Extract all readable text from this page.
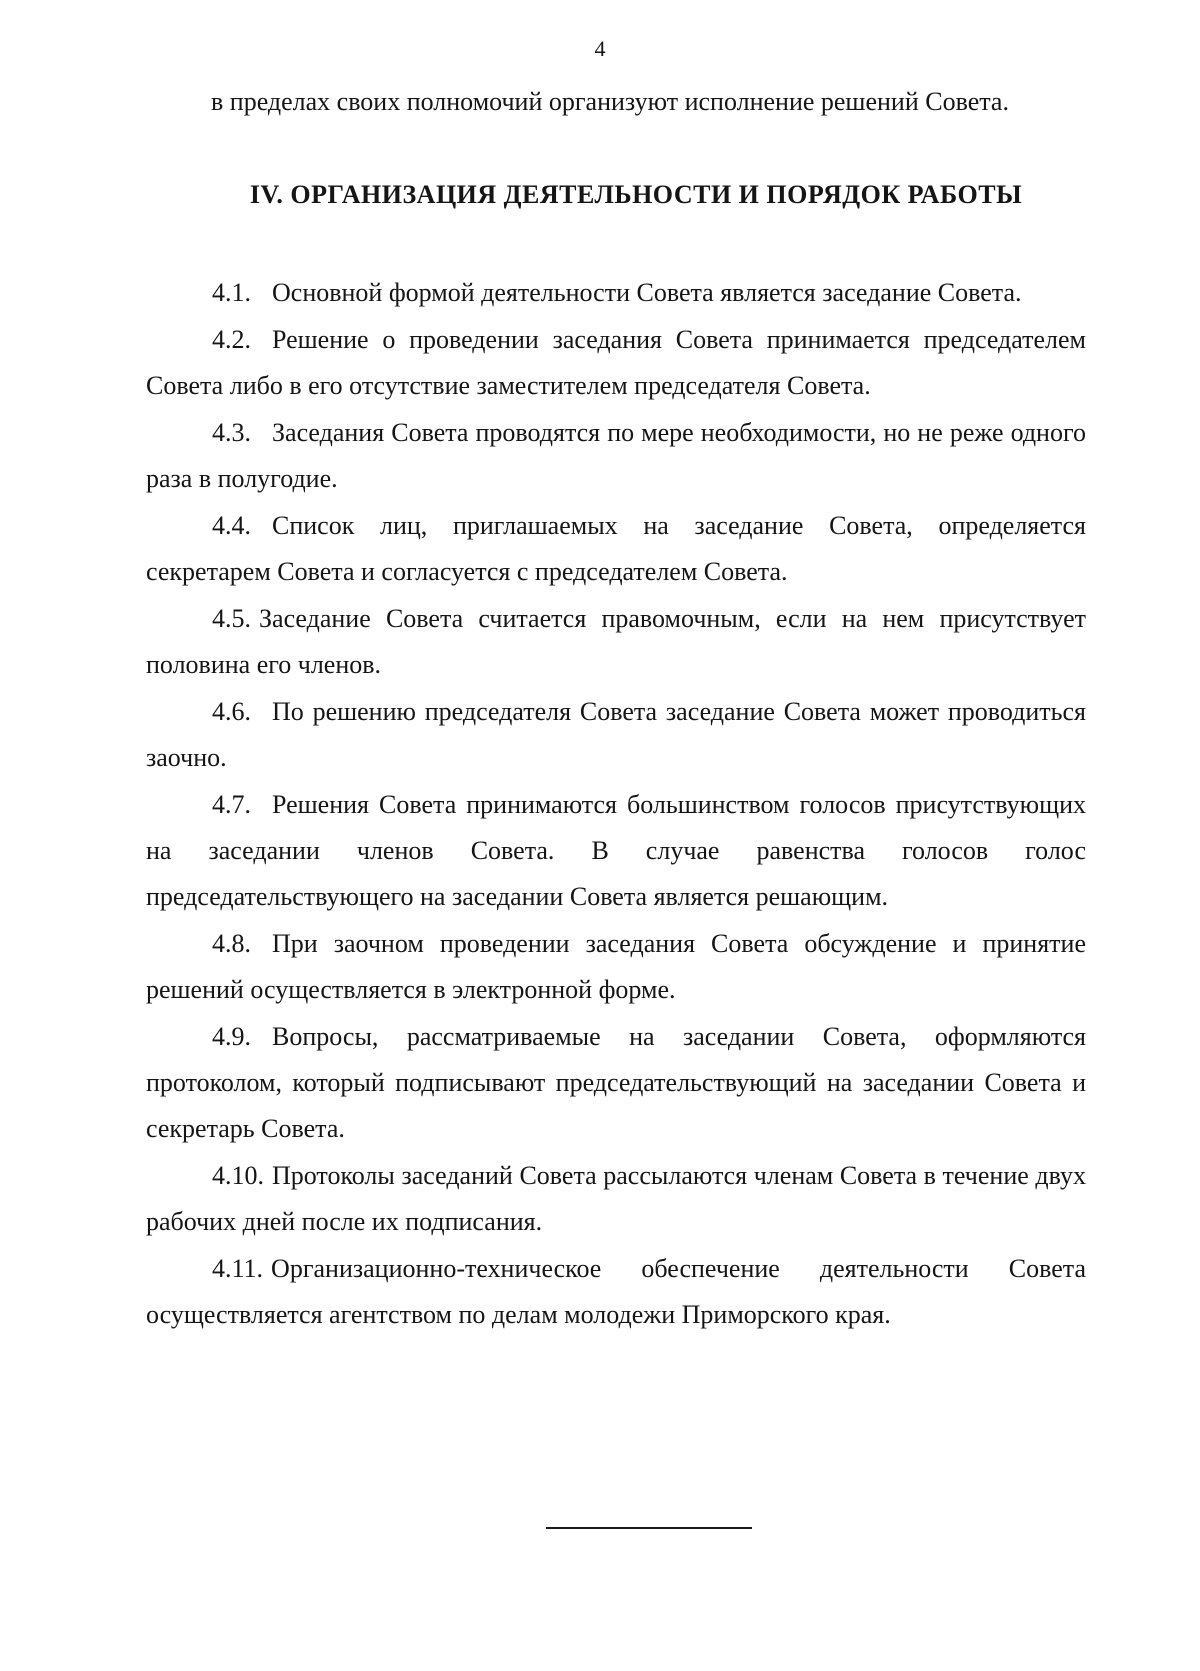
4
в пределах своих полномочий организуют исполнение решений Совета.
IV. ОРГАНИЗАЦИЯ ДЕЯТЕЛЬНОСТИ И ПОРЯДОК РАБОТЫ

4.1. Основной формой деятельности Совета является заседание Совета.

4.2. Решение о проведении заседания Совета принимается председателем Совета либо в его отсутствие заместителем председателя Совета.

4.3. Заседания Совета проводятся по мере необходимости, но не реже одного раза в полугодие.

4.4. Список лиц, приглашаемых на заседание Совета, определяется секретарем Совета и согласуется с председателем Совета.

4.5. Заседание Совета считается правомочным, если на нем присутствует половина его членов.

4.6. По решению председателя Совета заседание Совета может проводиться заочно.

4.7. Решения Совета принимаются большинством голосов присутствующих на заседании членов Совета. В случае равенства голосов голос председательствующего на заседании Совета является решающим.

4.8. При заочном проведении заседания Совета обсуждение и принятие решений осуществляется в электронной форме.

4.9. Вопросы, рассматриваемые на заседании Совета, оформляются протоколом, который подписывают председательствующий на заседании Совета и секретарь Совета.

4.10. Протоколы заседаний Совета рассылаются членам Совета в течение двух рабочих дней после их подписания.

4.11. Организационно-техническое обеспечение деятельности Совета осуществляется агентством по делам молодежи Приморского края.
